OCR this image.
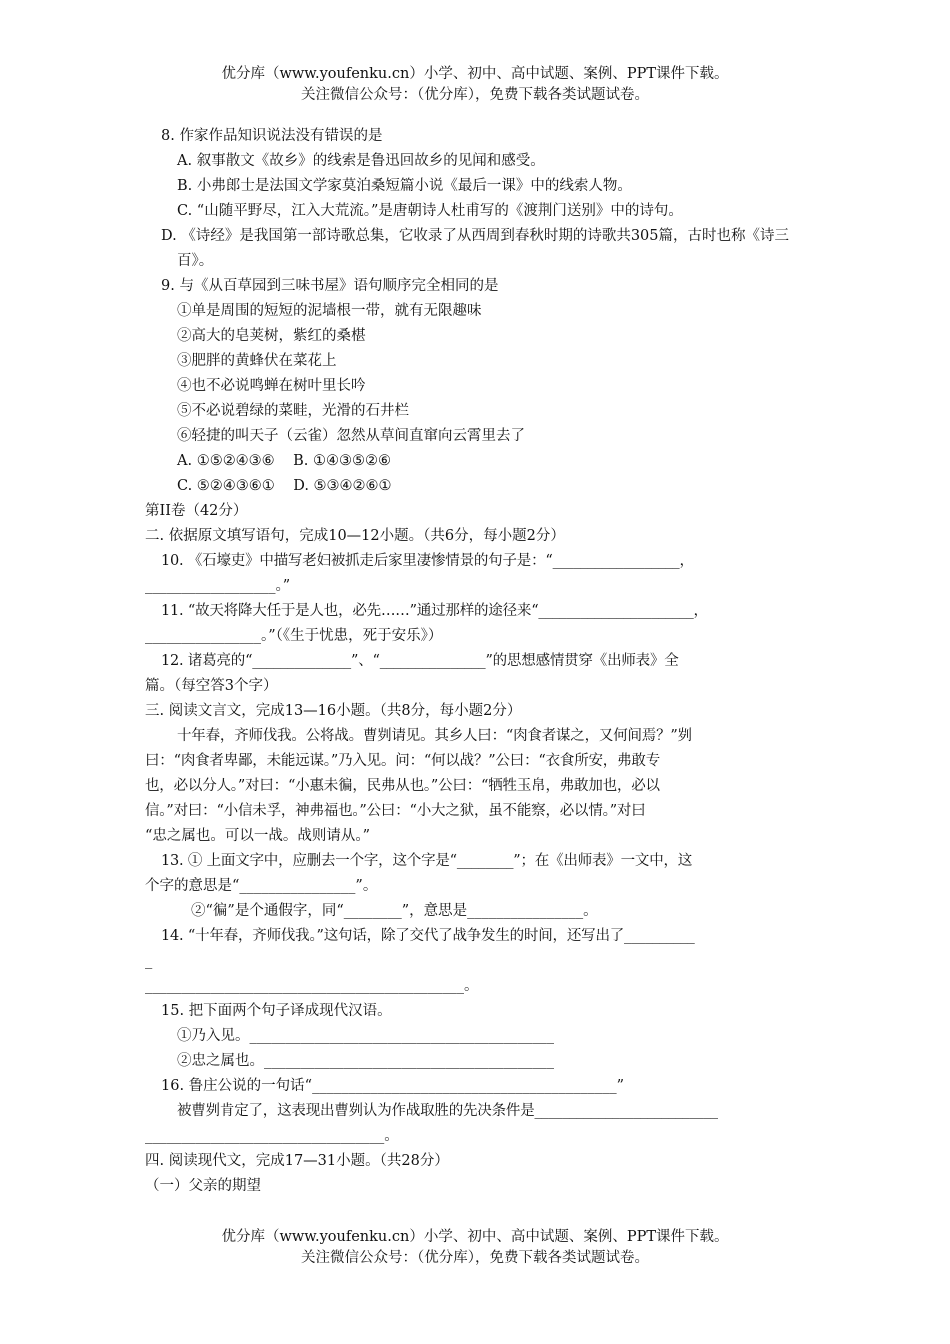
优分库（www.youfenku.cn）小学、初中、高中试题、案例、PPT课件下载。
关注微信公众号：（优分库），免费下载各类试题试卷。

8. 作家作品知识说法没有错误的是

A. 叙事散文《故乡》的线索是鲁迅回故乡的见闻和感受。

B. 小弗郎士是法国文学家莫泊桑短篇小说《最后一课》中的线索人物。

C. “山随平野尽，江入大荒流。”是唐朝诗人杜甫写的《渡荆门送别》中的诗句。

D. 《诗经》是我国第一部诗歌总集，它收录了从西周到春秋时期的诗歌共305篇，古时也称《诗三百》。

9. 与《从百草园到三味书屋》语句顺序完全相同的是

①单是周围的短短的泥墙根一带，就有无限趣味

②高大的皂荚树，紫红的桑椹

③肥胖的黄蜂伏在菜花上

④也不必说鸣蝉在树叶里长吟

⑤不必说碧绿的菜畦，光滑的石井栏

⑥轻捷的叫天子（云雀）忽然从草间直窜向云霄里去了

A. ①⑤②④③⑥    B. ①④③⑤②⑥

C. ⑤②④③⑥①    D. ⑤③④②⑥①

第II卷（42分）

二. 依据原文填写语句，完成10—12小题。（共6分，每小题2分）

10. 《石壕吏》中描写老妇被抓走后家里凄惨情景的句子是：“__________________，

__________________。”

11. “故天将降大任于是人也，必先……”通过那样的途径来“______________________，

________________。”（《生于忧患，死于安乐》）

12. 诸葛亮的“______________”、“_______________”的思想感情贯穿《出师表》全

篇。（每空答3个字）

三. 阅读文言文，完成13—16小题。（共8分，每小题2分）

十年春，齐师伐我。公将战。曹刿请见。其乡人曰：“肉食者谋之，又何间焉？”刿

曰：“肉食者卑鄙，未能远谋。”乃入见。问：“何以战？”公曰：“衣食所安，弗敢专

也，必以分人。”对曰：“小惠未徧，民弗从也。”公曰：“牺牲玉帛，弗敢加也，必以

信。”对曰：“小信未孚，神弗福也。”公曰：“小大之狱，虽不能察，必以情。”对曰

“忠之属也。可以一战。战则请从。”

13. ① 上面文字中，应删去一个字，这个字是“________”；在《出师表》一文中，这

个字的意思是“________________”。

②“徧”是个通假字，同“________”，意思是________________。

14. “十年春，齐师伐我。”这句话，除了交代了战争发生的时间，还写出了__________

_

____________________________________________。

15. 把下面两个句子译成现代汉语。

①乃入见。__________________________________________

②忠之属也。________________________________________

16. 鲁庄公说的一句话“__________________________________________”

被曹刿肯定了，这表现出曹刿认为作战取胜的先决条件是__________________________

_________________________________。

四. 阅读现代文，完成17—31小题。（共28分）

（一）父亲的期望

优分库（www.youfenku.cn）小学、初中、高中试题、案例、PPT课件下载。
关注微信公众号：（优分库），免费下载各类试题试卷。
